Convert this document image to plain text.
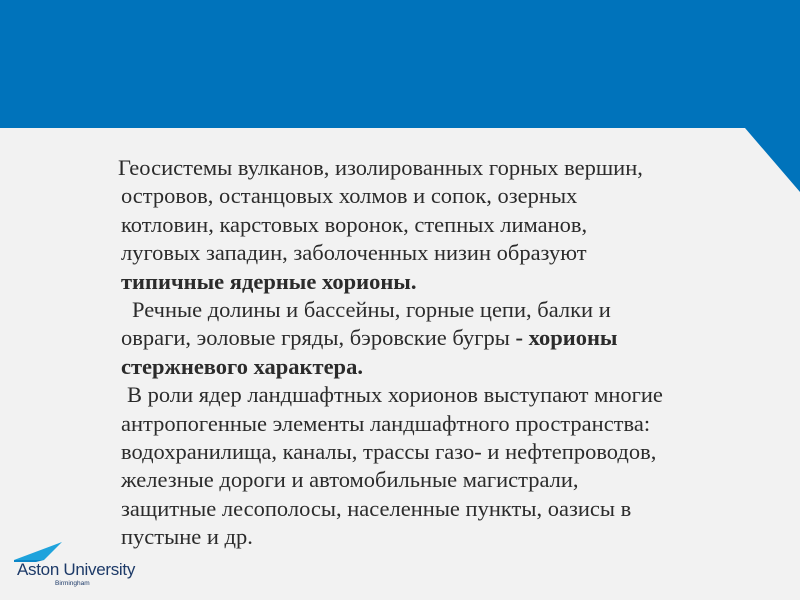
Геосистемы вулканов, изолированных горных вершин,
островов, останцовых холмов и сопок, озерных
котловин, карстовых воронок, степных лиманов,
луговых западин, заболоченных низин образуют
типичные ядерные хорионы.
Речные долины и бассейны, горные цепи, балки и
овраги, эоловые гряды, бэровские бугры - хорионы
стержневого характера.
В роли ядер ландшафтных хорионов выступают многие
антропогенные элементы ландшафтного пространства:
водохранилища, каналы, трассы газо- и нефтепроводов,
железные дороги и автомобильные магистрали,
защитные лесополосы, населенные пункты, оазисы в
пустыне и др.
Aston University
Birmingham
